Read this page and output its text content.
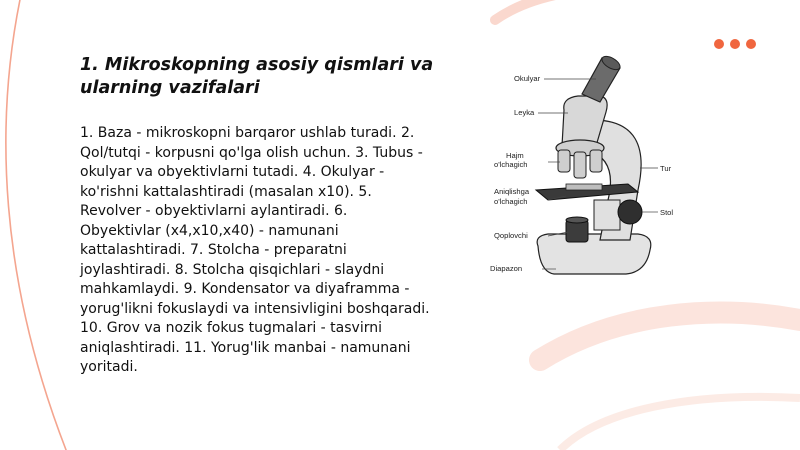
1. Mikroskopning asosiy qismlari va ularning vazifalari

1. Baza - mikroskopni barqaror ushlab turadi. 2. Qol/tutqi - korpusni qo'lga olish uchun. 3. Tubus - okulyar va obyektivlarni tutadi. 4. Okulyar - ko'rishni kattalashtiradi (masalan x10). 5. Revolver - obyektivlarni aylantiradi. 6. Obyektivlar (x4,x10,x40) - namunani kattalashtiradi. 7. Stolcha - preparatni joylashtiradi. 8. Stolcha qisqichlari - slaydni mahkamlaydi. 9. Kondensator va diyaframma - yorug'likni fokuslaydi va intensivligini boshqaradi. 10. Grov va nozik fokus tugmalari - tasvirni aniqlashtiradi. 11. Yorug'lik manbai - namunani yoritadi.

Okulyar
Leyka
Hajm
o'lchagich
Aniqlishga
o'lchagich
Qoplovchi
Diapazon
Tur
Stol
